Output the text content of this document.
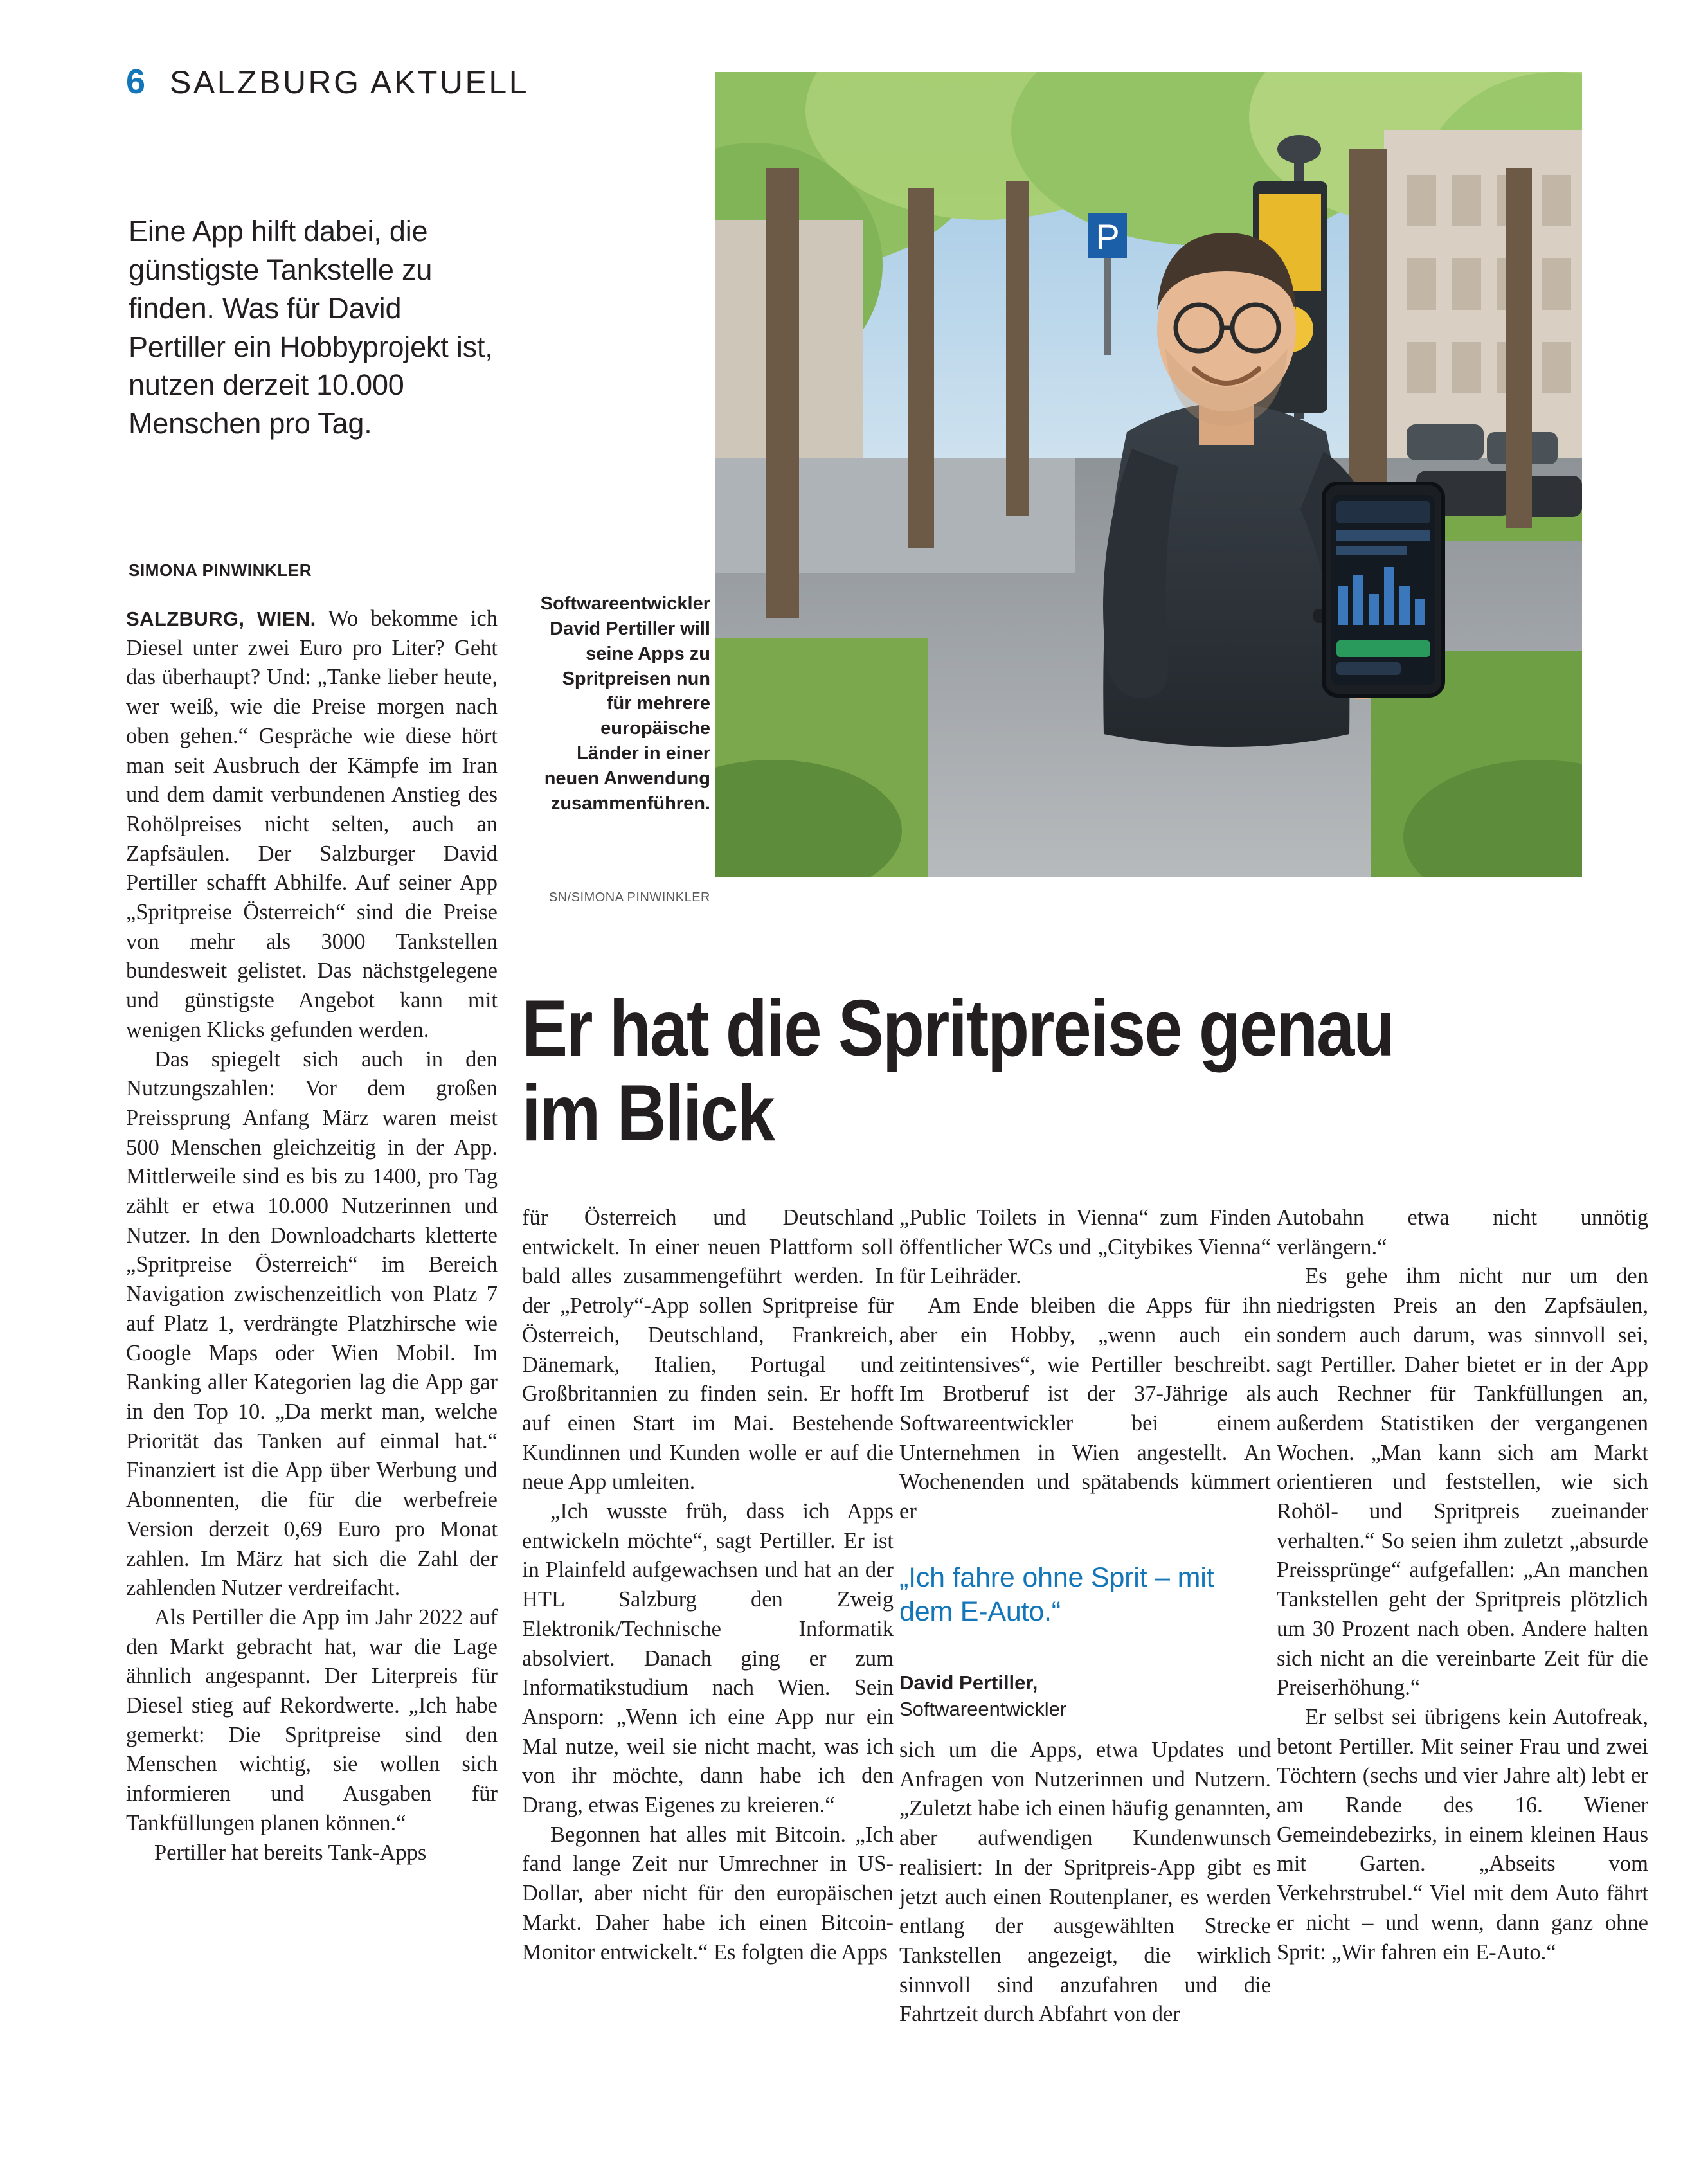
6 SALZBURG AKTUELL
Eine App hilft dabei, die günstigste Tankstelle zu finden. Was für David Pertiller ein Hobbyprojekt ist, nutzen derzeit 10.000 Menschen pro Tag.
SIMONA PINWINKLER
P
Softwareentwickler David Pertiller will seine Apps zu Spritpreisen nun für mehrere europäische Länder in einer neuen Anwendung zusammenführen.
SN/SIMONA PINWINKLER
Er hat die Spritpreise genau im Blick

SALZBURG, WIEN. Wo bekomme ich Diesel unter zwei Euro pro Liter? Geht das überhaupt? Und: „Tanke lieber heute, wer weiß, wie die Preise morgen nach oben gehen.“ Gespräche wie diese hört man seit Ausbruch der Kämpfe im Iran und dem damit verbundenen Anstieg des Rohölpreises nicht selten, auch an Zapfsäulen. Der Salzburger David Pertiller schafft Abhilfe. Auf seiner App „Spritpreise Österreich“ sind die Preise von mehr als 3000 Tankstellen bundesweit gelistet. Das nächstgelegene und günstigste Angebot kann mit wenigen Klicks gefunden werden.

Das spiegelt sich auch in den Nutzungszahlen: Vor dem großen Preissprung Anfang März waren meist 500 Menschen gleichzeitig in der App. Mittlerweile sind es bis zu 1400, pro Tag zählt er etwa 10.000 Nutzerinnen und Nutzer. In den Downloadcharts kletterte „Spritpreise Österreich“ im Bereich Navigation zwischenzeitlich von Platz 7 auf Platz 1, verdrängte Platzhirsche wie Google Maps oder Wien Mobil. Im Ranking aller Kategorien lag die App gar in den Top 10. „Da merkt man, welche Priorität das Tanken auf einmal hat.“ Finanziert ist die App über Werbung und Abonnenten, die für die werbefreie Version derzeit 0,69 Euro pro Monat zahlen. Im März hat sich die Zahl der zahlenden Nutzer verdreifacht.

Als Pertiller die App im Jahr 2022 auf den Markt gebracht hat, war die Lage ähnlich angespannt. Der Literpreis für Diesel stieg auf Rekordwerte. „Ich habe gemerkt: Die Spritpreise sind den Menschen wichtig, sie wollen sich informieren und Ausgaben für Tankfüllungen planen können.“

Pertiller hat bereits Tank-Apps

für Österreich und Deutschland entwickelt. In einer neuen Plattform soll bald alles zusammengeführt werden. In der „Petroly“-App sollen Spritpreise für Österreich, Deutschland, Frankreich, Dänemark, Italien, Portugal und Großbritannien zu finden sein. Er hofft auf einen Start im Mai. Bestehende Kundinnen und Kunden wolle er auf die neue App umleiten.

„Ich wusste früh, dass ich Apps entwickeln möchte“, sagt Pertiller. Er ist in Plainfeld aufgewachsen und hat an der HTL Salzburg den Zweig Elektronik/Technische Informatik absolviert. Danach ging er zum Informatikstudium nach Wien. Sein Ansporn: „Wenn ich eine App nur ein Mal nutze, weil sie nicht macht, was ich von ihr möchte, dann habe ich den Drang, etwas Eigenes zu kreieren.“

Begonnen hat alles mit Bitcoin. „Ich fand lange Zeit nur Umrechner in US-Dollar, aber nicht für den europäischen Markt. Daher habe ich einen Bitcoin-Monitor entwickelt.“ Es folgten die Apps

„Public Toilets in Vienna“ zum Finden öffentlicher WCs und „Citybikes Vienna“ für Leihräder.

Am Ende bleiben die Apps für ihn aber ein Hobby, „wenn auch ein zeitintensives“, wie Pertiller beschreibt. Im Brotberuf ist der 37-Jährige als Softwareentwickler bei einem Unternehmen in Wien angestellt. An Wochenenden und spätabends kümmert er

„Ich fahre ohne Sprit – mit dem E-Auto.“
David Pertiller,
Softwareentwickler

sich um die Apps, etwa Updates und Anfragen von Nutzerinnen und Nutzern. „Zuletzt habe ich einen häufig genannten, aber aufwendigen Kundenwunsch realisiert: In der Spritpreis-App gibt es jetzt auch einen Routenplaner, es werden entlang der ausgewählten Strecke Tankstellen angezeigt, die wirklich sinnvoll sind anzufahren und die Fahrtzeit durch Abfahrt von der

Autobahn etwa nicht unnötig verlängern.“

Es gehe ihm nicht nur um den niedrigsten Preis an den Zapfsäulen, sondern auch darum, was sinnvoll sei, sagt Pertiller. Daher bietet er in der App auch Rechner für Tankfüllungen an, außerdem Statistiken der vergangenen Wochen. „Man kann sich am Markt orientieren und feststellen, wie sich Rohöl- und Spritpreis zueinander verhalten.“ So seien ihm zuletzt „absurde Preissprünge“ aufgefallen: „An manchen Tankstellen geht der Spritpreis plötzlich um 30 Prozent nach oben. Andere halten sich nicht an die vereinbarte Zeit für die Preiserhöhung.“

Er selbst sei übrigens kein Autofreak, betont Pertiller. Mit seiner Frau und zwei Töchtern (sechs und vier Jahre alt) lebt er am Rande des 16. Wiener Gemeindebezirks, in einem kleinen Haus mit Garten. „Abseits vom Verkehrstrubel.“ Viel mit dem Auto fährt er nicht – und wenn, dann ganz ohne Sprit: „Wir fahren ein E-Auto.“
